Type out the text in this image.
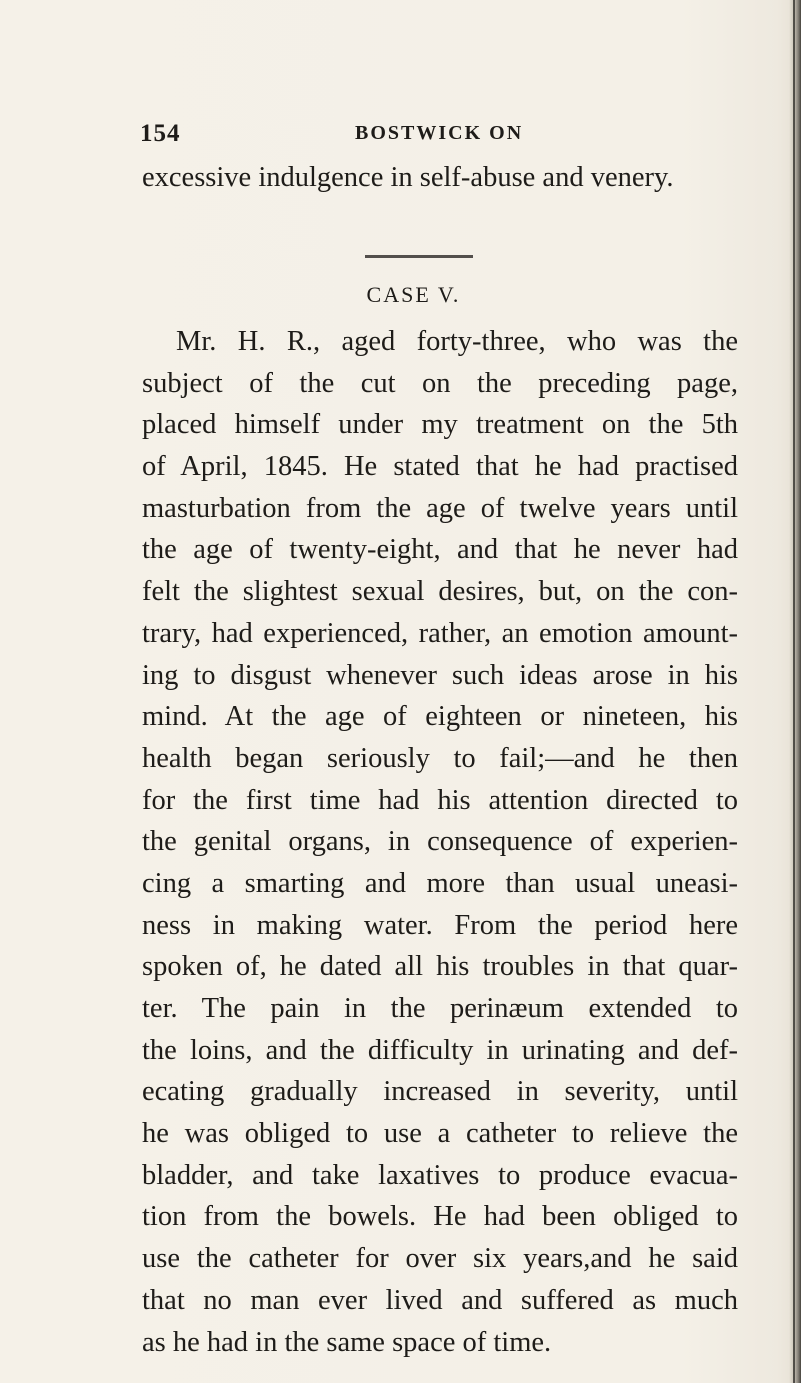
154	BOSTWICK ON
excessive indulgence in self-abuse and venery.
CASE V.
Mr. H. R., aged forty-three, who was the
subject of the cut on the preceding page,
placed himself under my treatment on the 5th
of April, 1845. He stated that he had practised
masturbation from the age of twelve years until
the age of twenty-eight, and that he never had
felt the slightest sexual desires, but, on the con-
trary, had experienced, rather, an emotion amount-
ing to disgust whenever such ideas arose in his
mind. At the age of eighteen or nineteen, his
health began seriously to fail;—and he then
for the first time had his attention directed to
the genital organs, in consequence of experien-
cing a smarting and more than usual uneasi-
ness in making water. From the period here
spoken of, he dated all his troubles in that quar-
ter. The pain in the perinæum extended to
the loins, and the difficulty in urinating and def-
ecating gradually increased in severity, until
he was obliged to use a catheter to relieve the
bladder, and take laxatives to produce evacua-
tion from the bowels. He had been obliged to
use the catheter for over six years,and he said
that no man ever lived and suffered as much
as he had in the same space of time.
